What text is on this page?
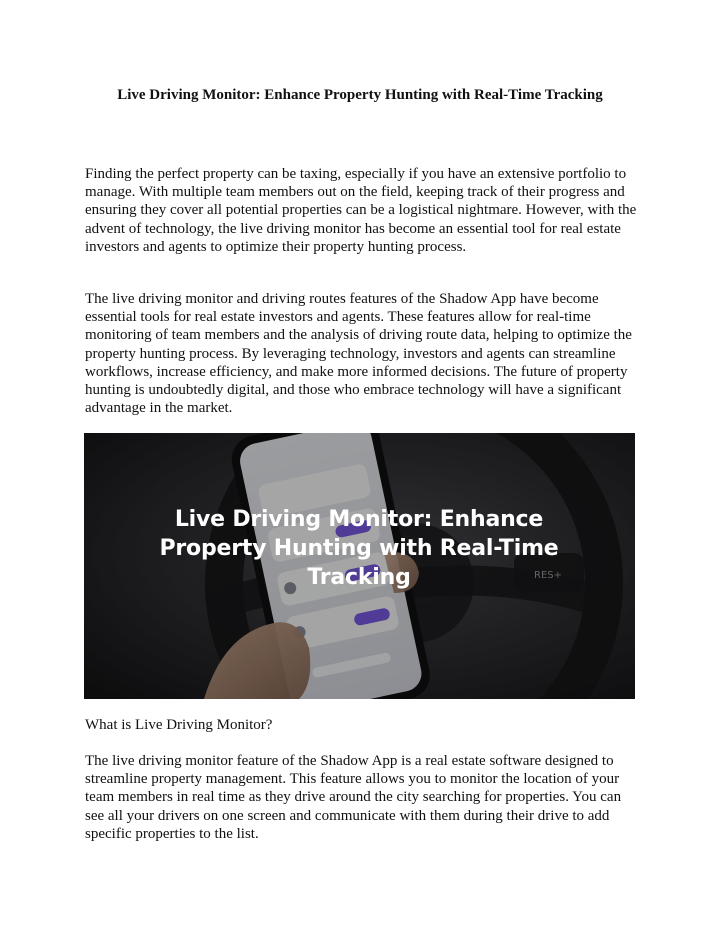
Live Driving Monitor: Enhance Property Hunting with Real-Time Tracking

Finding the perfect property can be taxing, especially if you have an extensive portfolio to manage. With multiple team members out on the field, keeping track of their progress and ensuring they cover all potential properties can be a logistical nightmare. However, with the advent of technology, the live driving monitor has become an essential tool for real estate investors and agents to optimize their property hunting process.

The live driving monitor and driving routes features of the Shadow App have become essential tools for real estate investors and agents. These features allow for real-time monitoring of team members and the analysis of driving route data, helping to optimize the property hunting process. By leveraging technology, investors and agents can streamline workflows, increase efficiency, and make more informed decisions. The future of property hunting is undoubtedly digital, and those who embrace technology will have a significant advantage in the market.

RES+
Live Driving Monitor: Enhance Property Hunting with Real-Time Tracking

What is Live Driving Monitor?

The live driving monitor feature of the Shadow App is a real estate software designed to streamline property management. This feature allows you to monitor the location of your team members in real time as they drive around the city searching for properties. You can see all your drivers on one screen and communicate with them during their drive to add specific properties to the list.
